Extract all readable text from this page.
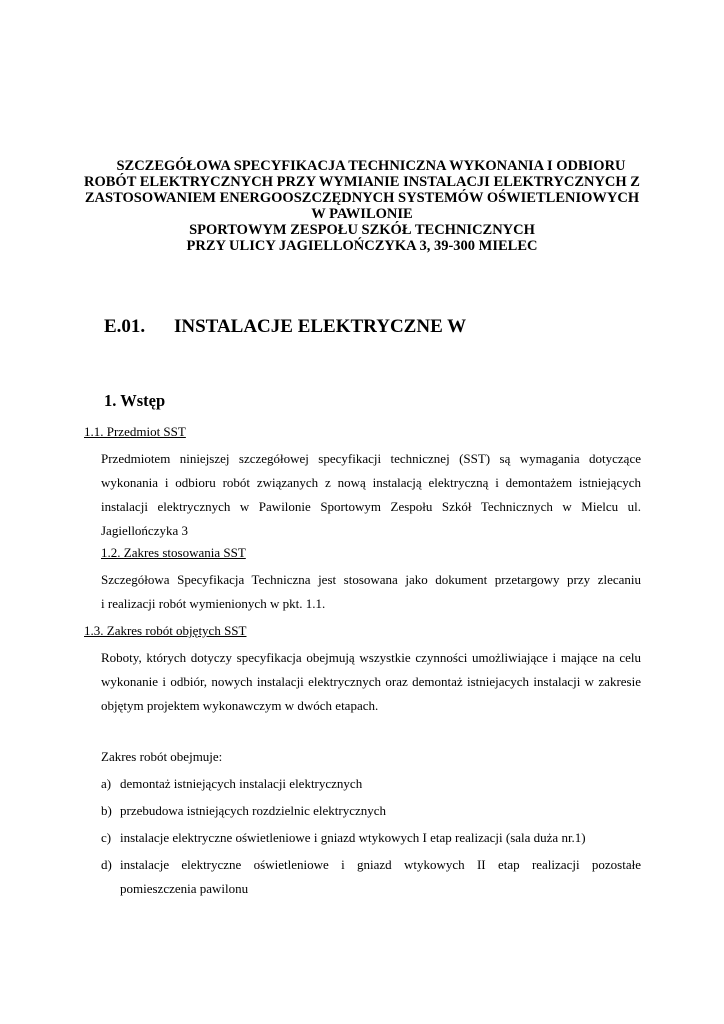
SZCZEGÓŁOWA SPECYFIKACJA TECHNICZNA WYKONANIA I ODBIORU
ROBÓT ELEKTRYCZNYCH PRZY WYMIANIE INSTALACJI ELEKTRYCZNYCH Z
ZASTOSOWANIEM ENERGOOSZCZĘDNYCH SYSTEMÓW OŚWIETLENIOWYCH
W PAWILONIE
SPORTOWYM ZESPOŁU SZKÓŁ TECHNICZNYCH
PRZY ULICY JAGIELLOŃCZYKA 3, 39-300 MIELEC
E.01. INSTALACJE ELEKTRYCZNE W
1. Wstęp
1.1. Przedmiot SST
Przedmiotem niniejszej szczegółowej specyfikacji technicznej (SST) są wymagania dotyczące
wykonania i odbioru robót związanych z nową instalacją elektryczną i demontażem istniejących
instalacji elektrycznych w Pawilonie Sportowym Zespołu Szkół Technicznych w Mielcu ul.
Jagiellończyka 3
1.2. Zakres stosowania SST
Szczegółowa Specyfikacja Techniczna jest stosowana jako dokument przetargowy przy zlecaniu
i realizacji robót wymienionych w pkt. 1.1.
1.3. Zakres robót objętych SST
Roboty, których dotyczy specyfikacja obejmują wszystkie czynności umożliwiające i mające na celu
wykonanie i odbiór, nowych instalacji elektrycznych oraz demontaż istniejacych instalacji w zakresie
objętym projektem wykonawczym w dwóch etapach.
Zakres robót obejmuje:
a) demontaż istniejących instalacji elektrycznych
b) przebudowa istniejących rozdzielnic elektrycznych
c) instalacje elektryczne oświetleniowe i gniazd wtykowych I etap realizacji (sala duża nr.1)
d) instalacje elektryczne oświetleniowe i gniazd wtykowych II etap realizacji pozostałe
pomieszczenia pawilonu
